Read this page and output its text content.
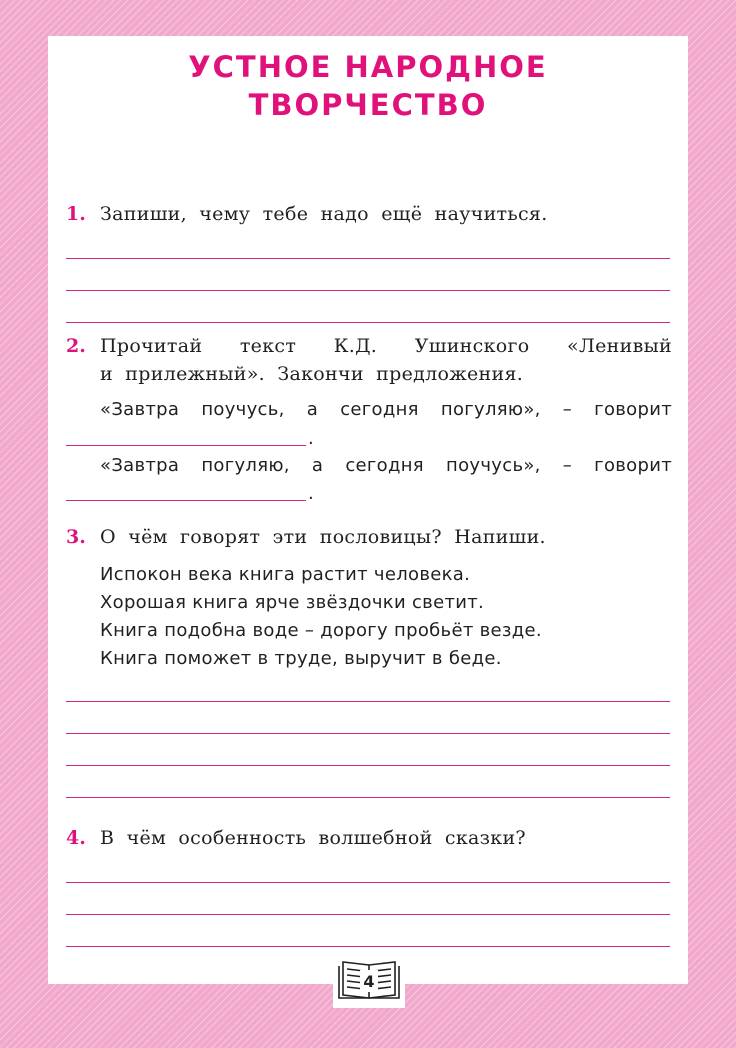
УСТНОЕ НАРОДНОЕ
ТВОРЧЕСТВО
1. Запиши, чему тебе надо ещё научиться.
2. Прочитай текст К.Д. Ушинского «Ленивый
и прилежный». Закончи предложения.
«Завтра поучусь, а сегодня погуляю», – говорит
.
«Завтра погуляю, а сегодня поучусь», – говорит
.
3. О чём говорят эти пословицы? Напиши.
Испокон века книга растит человека.
Хорошая книга ярче звёздочки светит.
Книга подобна воде – дорогу пробьёт везде.
Книга поможет в труде, выручит в беде.
4. В чём особенность волшебной сказки?
4
